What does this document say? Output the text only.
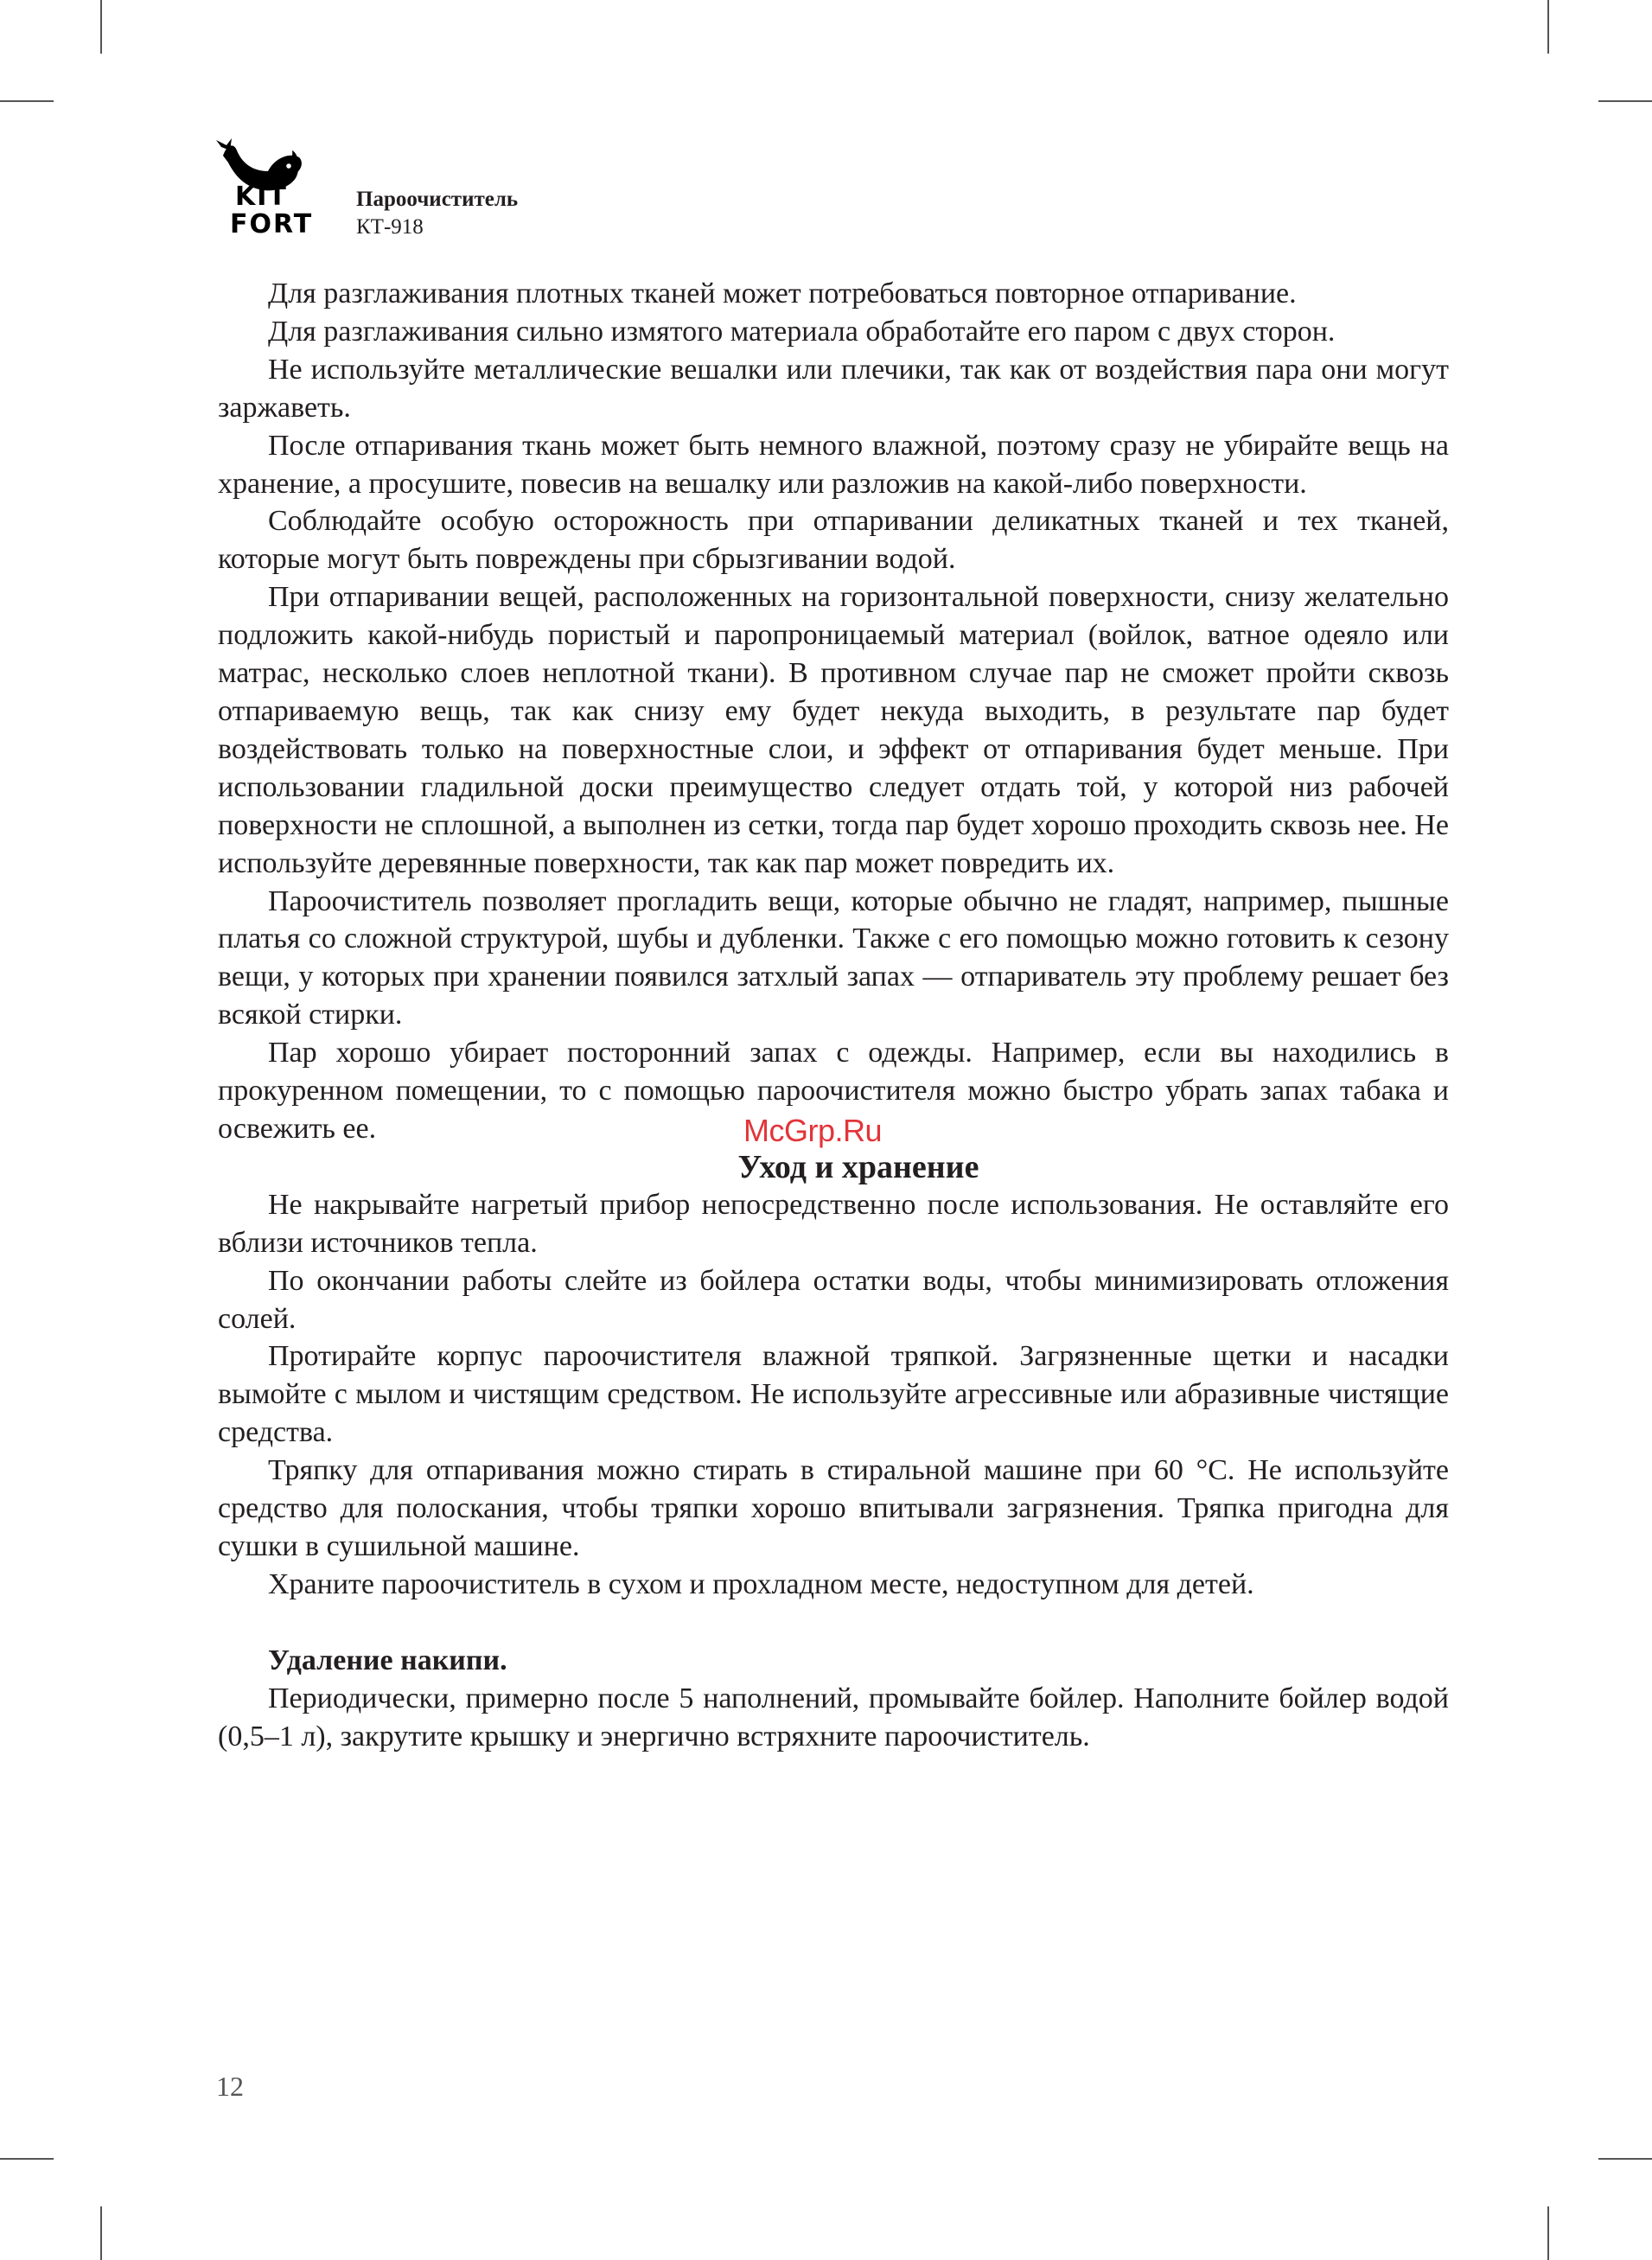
KIT
FORT
Пароочиститель
КТ-918

Для разглаживания плотных тканей может потребоваться повторное отпаривание.

Для разглаживания сильно измятого материала обработайте его паром с двух сторон.

Не используйте металлические вешалки или плечики, так как от воздействия пара они могут заржаветь.

После отпаривания ткань может быть немного влажной, поэтому сразу не убирайте вещь на хранение, а просушите, повесив на вешалку или разложив на какой-либо поверхности.

Соблюдайте особую осторожность при отпаривании деликатных тканей и тех тканей, которые могут быть повреждены при сбрызгивании водой.

При отпаривании вещей, расположенных на горизонтальной поверхности, снизу желательно подложить какой-нибудь пористый и паропроницаемый материал (войлок, ватное одеяло или матрас, несколько слоев неплотной ткани). В противном случае пар не сможет пройти сквозь отпариваемую вещь, так как снизу ему будет некуда выходить, в результате пар будет воздействовать только на поверхностные слои, и эффект от отпаривания будет меньше. При использовании гладильной доски преимущество следует отдать той, у которой низ рабочей поверхности не сплошной, а выполнен из сетки, тогда пар будет хорошо проходить сквозь нее. Не используйте деревянные поверхности, так как пар может повредить их.

Пароочиститель позволяет прогладить вещи, которые обычно не гладят, например, пышные платья со сложной структурой, шубы и дубленки. Также с его помощью можно готовить к сезону вещи, у которых при хранении появился затхлый запах — отпариватель эту проблему решает без всякой стирки.

Пар хорошо убирает посторонний запах с одежды. Например, если вы находились в прокуренном помещении, то с помощью пароочистителя можно быстро убрать запах табака и освежить ее.

Уход и хранение

Не накрывайте нагретый прибор непосредственно после использования. Не оставляйте его вблизи источников тепла.

По окончании работы слейте из бойлера остатки воды, чтобы минимизировать отложения солей.

Протирайте корпус пароочистителя влажной тряпкой. Загрязненные щетки и насадки вымойте с мылом и чистящим средством. Не используйте агрессивные или абразивные чистящие средства.

Тряпку для отпаривания можно стирать в стиральной машине при 60 °С. Не используйте средство для полоскания, чтобы тряпки хорошо впитывали загрязнения. Тряпка пригодна для сушки в сушильной машине.

Храните пароочиститель в сухом и прохладном месте, недоступном для детей.

Удаление накипи.

Периодически, примерно после 5 наполнений, промывайте бойлер. Наполните бойлер водой (0,5–1 л), закрутите крышку и энергично встряхните пароочиститель.

McGrp.Ru
12
